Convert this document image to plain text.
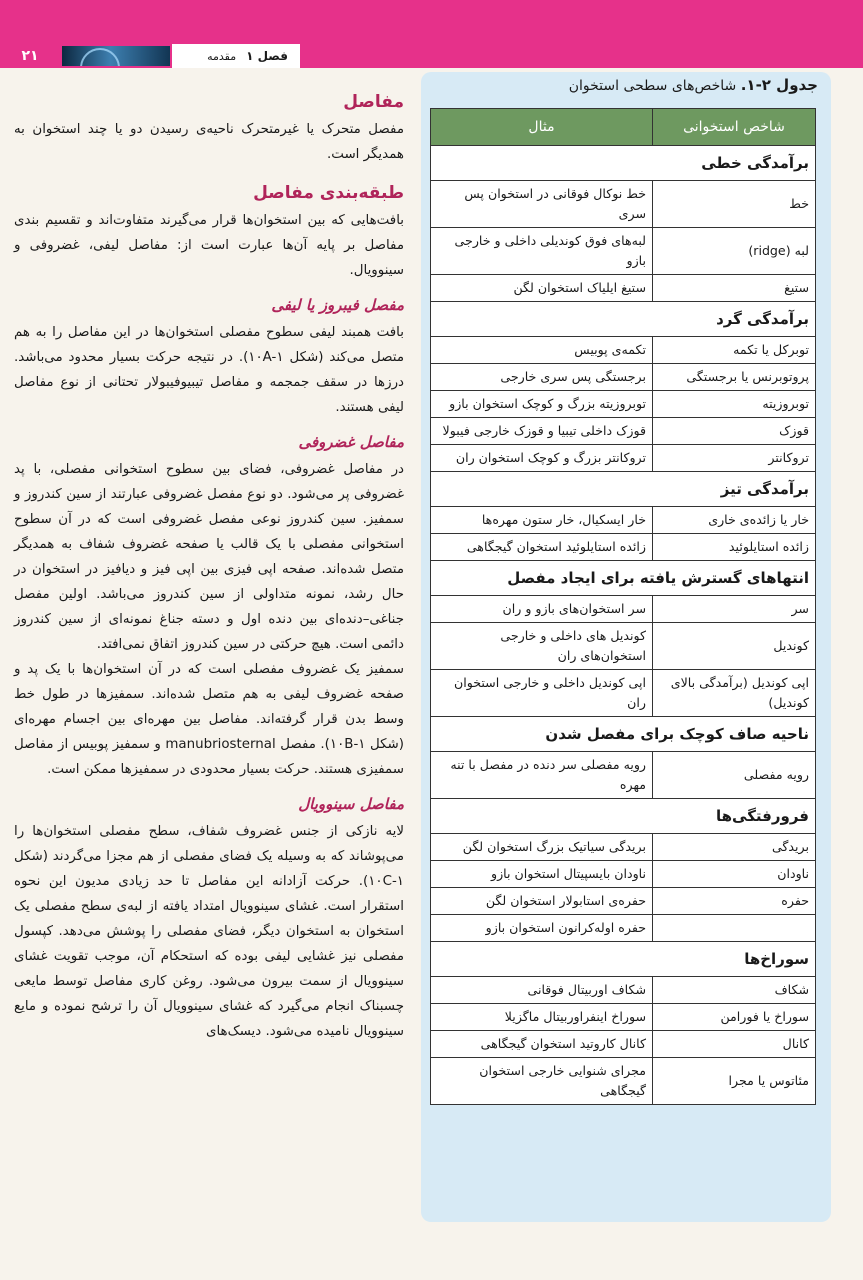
۲۱	فصل ۱
مقدمه
مفاصل

مفصل متحرک یا غیرمتحرک ناحیه‌ی رسیدن دو یا چند استخوان به همدیگر است.

طبقه‌بندی مفاصل

بافت‌هایی که بین استخوان‌ها قرار می‌گیرند متفاوت‌اند و تقسیم بندی مفاصل بر پایه آن‌ها عبارت است از: مفاصل لیفی، غضروفی و سینوویال.

مفصل فیبروز یا لیفی

بافت همبند لیفی سطوح مفصلی استخوان‌ها در این مفاصل را به هم متصل می‌کند (شکل ۱۰A-۱). در نتیجه حرکت بسیار محدود می‌باشد. درزها در سقف جمجمه و مفاصل تیبیوفیبولار تحتانی از نوع مفاصل لیفی هستند.

مفاصل غضروفی

در مفاصل غضروفی، فضای بین سطوح استخوانی مفصلی، با پد غضروفی پر می‌شود. دو نوع مفصل غضروفی عبارتند از سین کندروز و سمفیز. سین کندروز نوعی مفصل غضروفی است که در آن سطوح استخوانی مفصلی با یک قالب یا صفحه غضروف شفاف به همدیگر متصل شده‌اند. صفحه اپی فیزی بین اپی فیز و دیافیز در استخوان در حال رشد، نمونه متداولی از سین کندروز می‌باشد. اولین مفصل جناغی–دنده‌ای بین دنده اول و دسته جناغ نمونه‌ای از سین کندروز دائمی است. هیچ حرکتی در سین کندروز اتفاق نمی‌افتد.

سمفیز یک غضروف مفصلی است که در آن استخوان‌ها با یک پد و صفحه غضروف لیفی به هم متصل شده‌اند. سمفیزها در طول خط وسط بدن قرار گرفته‌اند. مفاصل بین مهره‌ای بین اجسام مهره‌ای (شکل ۱۰B-۱). مفصل manubriosternal و سمفیز پوبیس از مفاصل سمفیزی هستند. حرکت بسیار محدودی در سمفیزها ممکن است.

مفاصل سینوویال

لایه نازکی از جنس غضروف شفاف، سطح مفصلی استخوان‌ها را می‌پوشاند که به وسیله یک فضای مفصلی از هم مجزا می‌گردند (شکل ۱۰C-۱). حرکت آزادانه این مفاصل تا حد زیادی مدیون این نحوه استقرار است. غشای سینوویال امتداد یافته از لبه‌ی سطح مفصلی یک استخوان به استخوان دیگر، فضای مفصلی را پوشش می‌دهد. کپسول مفصلی نیز غشایی لیفی بوده که استحکام آن، موجب تقویت غشای سینوویال از سمت بیرون می‌شود. روغن کاری مفاصل توسط مایعی چسبناک انجام می‌گیرد که غشای سینوویال آن را ترشح نموده و مایع سینوویال نامیده می‌شود. دیسک‌های

جدول ۲-۱. شاخص‌های سطحی استخوان
شاخص استخوانی	مثال
برآمدگی خطی	
خط	خط نوکال فوقانی در استخوان پس سری
لبه (ridge)	لبه‌های فوق کوندیلی داخلی و خارجی بازو
ستیغ	ستیغ ایلیاک استخوان لگن
برآمدگی گرد	
توبرکل یا تکمه	تکمه‌ی پوبیس
پروتوبرنس یا برجستگی	برجستگی پس سری خارجی
توبروزیته	توبروزیته بزرگ و کوچک استخوان بازو
قوزک	قوزک داخلی تیبیا و قوزک خارجی فیبولا
تروکانتر	تروکانتر بزرگ و کوچک استخوان ران
برآمدگی تیز	
خار یا زائده‌ی خاری	خار ایسکیال، خار ستون مهره‌ها
زائده استایلوئید	زائده استایلوئید استخوان گیجگاهی
انتهاهای گسترش یافته برای ایجاد مفصل	
سر	سر استخوان‌های بازو و ران
کوندیل	کوندیل های داخلی و خارجی استخوان‌های ران
اپی کوندیل (برآمدگی بالای کوندیل)	اپی کوندیل داخلی و خارجی استخوان ران
ناحیه صاف کوچک برای مفصل شدن	
رویه مفصلی	رویه مفصلی سر دنده در مفصل با تنه مهره
فرورفتگی‌ها	
بریدگی	بریدگی سیاتیک بزرگ استخوان لگن
ناودان	ناودان بایسپیتال استخوان بازو
حفره	حفره‌ی استابولار استخوان لگن
	حفره اوله‌کرانون استخوان بازو
سوراخ‌ها	
شکاف	شکاف اوربیتال فوقانی
سوراخ یا فورامن	سوراخ اینفراوربیتال ماگزیلا
کانال	کانال کاروتید استخوان گیجگاهی
مئاتوس یا مجرا	مجرای شنوایی خارجی استخوان گیجگاهی
